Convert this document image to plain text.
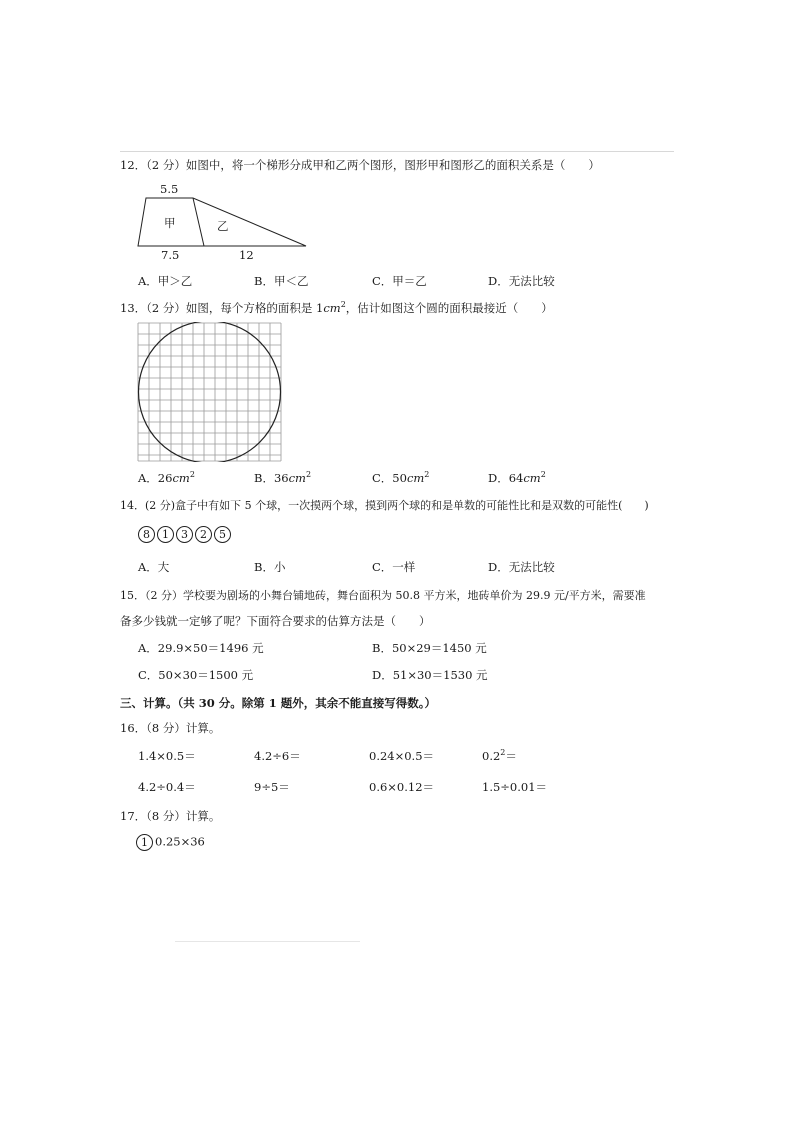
12．（2 分）如图中，将一个梯形分成甲和乙两个图形，图形甲和图形乙的面积关系是（　　）
5.5
7.5	12
甲	乙
A．甲＞乙	B．甲＜乙	C．甲＝乙	D．无法比较
13．（2 分）如图，每个方格的面积是 $1cm^2$，估计如图这个圆的面积最接近（　　）
A．$26cm^2$	B．$36cm^2$	C．$50cm^2$	D．$64cm^2$
14．(2 分)盒子中有如下 5 个球，一次摸两个球，摸到两个球的和是单数的可能性比和是双数的可能性(　　)
8 1 3 2 5
A．大	B．小	C．一样	D．无法比较
15．（2 分）学校要为剧场的小舞台铺地砖，舞台面积为 50.8 平方米，地砖单价为 29.9 元/平方米，需要准
备多少钱就一定够了呢？下面符合要求的估算方法是（　　）
A．29.9×50＝1496 元	B．50×29＝1450 元
C．50×30＝1500 元	D．51×30＝1530 元
三、计算。（共 30 分。除第 1 题外，其余不能直接写得数。）
16．（8 分）计算。
1.4×0.5＝	4.2÷6＝	0.24×0.5＝	$0.2^2=$
4.2÷0.4＝	9÷5＝	0.6×0.12＝	1.5÷0.01＝
17．（8 分）计算。
1 0.25×36
